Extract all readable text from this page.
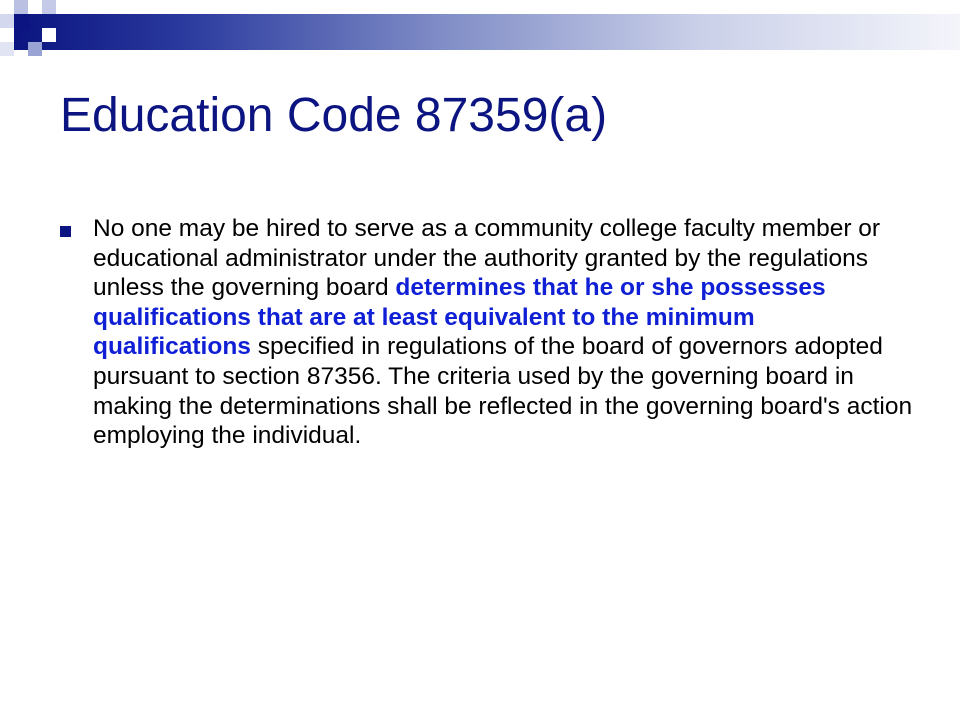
Education Code 87359(a)

No one may be hired to serve as a community college faculty member or educational administrator under the authority granted by the regulations unless the governing board determines that he or she possesses qualifications that are at least equivalent to the minimum qualifications specified in regulations of the board of governors adopted pursuant to section 87356. The criteria used by the governing board in making the determinations shall be reflected in the governing board's action employing the individual.
